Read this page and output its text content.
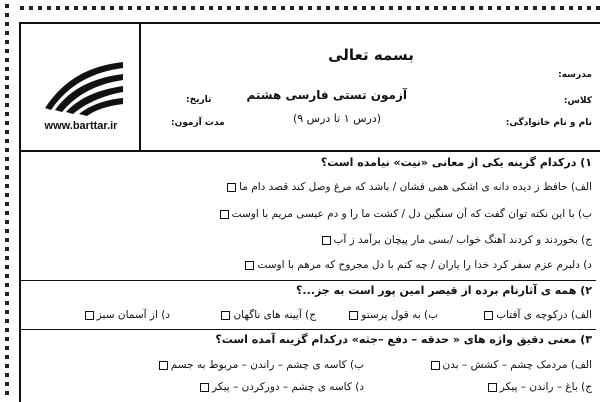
www.barttar.ir
بسمه تعالی
آزمون تستی فارسی هشتم
(درس ۱ تا درس ۹)
مدرسه:
کلاس:
نام و نام خانوادگی:
تاریخ:
مدت آزمون:
۱) درکدام گزینه یکی از معانی «نیت» نیامده است؟
الف) حافظ ز دیده دانه ی اشکی همی فشان / باشد که مرغ وصل کند قصد دام ما
ب) با این نکته توان گفت که آن سنگین دل / کشت ما را و دم عیسی مریم با اوست
ج) بخوردند و کردند آهنگ خواب /بسی مار پیچان برآمد ز آب
د) دلبرم عزم سفر کرد خدا را یاران / چه کنم با دل مجروح که مرهم با اوست
۲) همه ی آثارنام برده از قیصر امین پور است به جز...؟
الف) درکوچه ی آفتاب
ب) به قول پرستو
ج) آیینه های ناگهان
د) از آسمان سبز
۳) معنی دقیق واژه های « حدقه – دفع –جثه» درکدام گزینه آمده است؟
الف) مردمک چشم – کشش – بدن
ب) کاسه ی چشم – راندن – مربوط به جسم
ج) باغ – راندن – پیکر
د) کاسه ی چشم – دورکردن – پیکر
